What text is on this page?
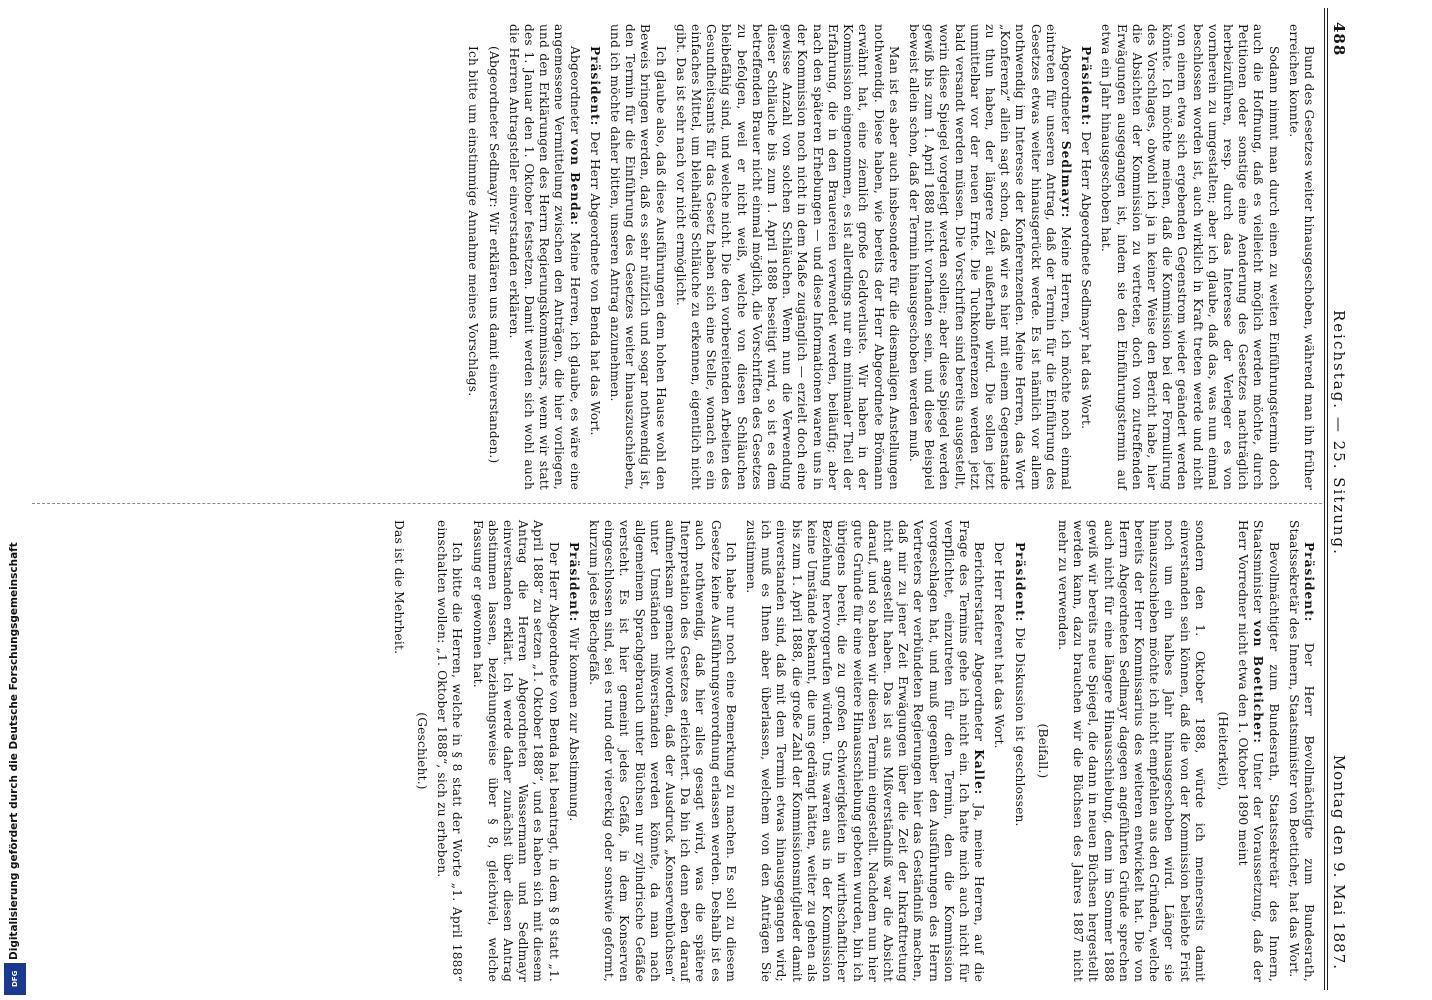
488
Reichstag. — 25. Sitzung.
Montag den 9. Mai 1887.

Bund des Gesetzes weiter hinausgeschoben, während man ihn früher erreichen konnte.

Sodann nimmt man durch einen zu weiten Einführungstermin doch auch die Hoffnung, daß es vielleicht möglich werden möchte, durch Petitionen oder sonstige eine Aenderung des Gesetzes nachträglich herbeizuführen, resp. durch das Interesse der Verleger es von vornherein zu umgestalten; aber ich glaube, daß das, was nun einmal beschlossen worden ist, auch wirklich in Kraft treten werde und nicht von einem etwa sich ergebenden Gegenstrom wieder geändert werden könnte. Ich möchte meinen, daß die Kommission bei der Formulirung des Vorschlages, obwohl ich ja in keiner Weise den Bericht habe, hier die Absichten der Kommission zu vertreten, doch von zutreffenden Erwägungen ausgegangen ist, indem sie den Einführungstermin auf etwa ein Jahr hinausgeschoben hat.

Präsident: Der Herr Abgeordnete Sedlmayr hat das Wort.

Abgeordneter Sedlmayr: Meine Herren, ich möchte noch einmal eintreten für unseren Antrag, daß der Termin für die Einführung des Gesetzes etwas weiter hinausgerückt werde. Es ist nämlich vor allem nothwendig im Interesse der Konferenzenden. Meine Herren, das Wort „Konferenz“ allein sagt schon, daß wir es hier mit einem Gegenstande zu thun haben, der längere Zeit außerhalb wird. Die sollen jetzt unmittelbar vor der neuen Ernte. Die Tuchkonferenzen werden jetzt bald versandt werden müssen. Die Vorschriften sind bereits ausgestellt, worin diese Spiegel vorgelegt werden sollen; aber diese Spiegel werden gewiß bis zum 1. April 1888 nicht vorhanden sein, und diese Beispiel beweist allein schon, daß der Termin hinausgeschoben werden muß.

Man ist es aber auch insbesondere für die diesmaligen Anstellungen nothwendig. Diese haben, wie bereits der Herr Abgeordnete Brömann erwähnt hat, eine ziemlich große Geldverluste. Wir haben in der Kommission eingenommen, es ist allerdings nur ein minimaler Theil der Erfahrung, die in den Brauereien verwendet werden, beiläufig; aber nach den späteren Erhebungen — und diese Informationen waren uns in der Kommission noch nicht in dem Maße zugänglich — erzielt doch eine gewisse Anzahl von solchen Schläuchen. Wenn nun die Verwendung dieser Schläuche bis zum 1. April 1888 beseitigt wird, so ist es dem betreffenden Brauer nicht einmal möglich, die Vorschriften des Gesetzes zu befolgen, weil er nicht weiß, welche von diesen Schläuchen bleibefähig sind, und welche nicht. Die den vorbereitenden Arbeiten des Gesundheitsamts für das Gesetz haben sich eine Stelle, wonach es ein einfaches Mittel, um bleihaltige Schläuche zu erkennen, eigentlich nicht gibt. Das ist sehr nach vor nicht ermöglicht.

Ich glaube also, daß diese Ausführungen dem hohen Hause wohl den Beweis bringen werden, daß es sehr nützlich und sogar nothwendig ist, den Termin für die Einführung des Gesetzes weiter hinauszuschieben, und ich möchte daher bitten, unseren Antrag anzunehmen.

Präsident: Der Herr Abgeordnete von Benda hat das Wort.

Abgeordneter von Benda: Meine Herren, ich glaube, es wäre eine angemessene Vermittelung zwischen den Anträgen, die hier vorliegen, und den Erklärungen des Herrn Regierungskommissars, wenn wir statt des 1. Januar den 1. Oktober festsetzen. Damit werden sich wohl auch die Herren Antragsteller einverstanden erklären.

(Abgeordneter Sedlmayr: Wir erklären uns damit einverstanden.)

Ich bitte um einstimmige Annahme meines Vorschlags.

Präsident: Der Herr Bevollmächtigte zum Bundesrath, Staatssekretär des Innern, Staatsminister von Boetticher, hat das Wort.

Bevollmächtigter zum Bundesrath, Staatssekretär des Innern, Staatsminister von Boetticher: Unter der Voraussetzung, daß der Herr Vorredner nicht etwa den 1. Oktober 1890 meint

(Heiterkeit),

sondern den 1. Oktober 1888, würde ich meinerseits damit einverstanden sein können, daß die von der Kommission beliebte Frist noch um ein halbes Jahr hinausgeschoben wird. Länger sie hinauszuschieben möchte ich nicht empfehlen aus den Gründen, welche bereits der Herr Kommissarius des weiteren entwickelt hat. Die von Herrn Abgeordneten Sedlmayr dagegen angeführten Gründe sprechen auch nicht für eine längere Hinausschiebung, denn im Sommer 1888 gewiß wir bereits neue Spiegel, die dann in neuen Büchsen hergestellt werden kann, dazu brauchen wir die Büchsen des Jahres 1887 nicht mehr zu verwenden.

(Beifall.)

Präsident: Die Diskussion ist geschlossen.

Der Herr Referent hat das Wort.

Berichterstatter Abgeordneter Kalle: Ja, meine Herren, auf die Frage des Termins gehe ich nicht ein. Ich hatte mich auch nicht für verpflichtet, einzutreten für den Termin, den die Kommission vorgeschlagen hat, und muß gegenüber den Ausführungen des Herrn Vertreters der verbündeten Regierungen hier das Geständniß machen, daß mir zu jener Zeit Erwägungen über die Zeit der Inkrafttretung nicht angestellt haben. Das ist aus Mißverständniß war die Absicht darauf, und so haben wir diesen Termin eingestellt. Nachdem nun hier gute Gründe für eine weitere Hinausschiebung geboten wurden, bin ich übrigens bereit, die zu großen Schwierigkeiten in wirthschaftlicher Beziehung hervorgerufen würden. Uns waren aus in der Kommission keine Umstände bekannt, die uns gedrängt hätten, weiter zu gehen als bis zum 1. April 1888, die große Zahl der Kommissionsmitglieder damit einverstanden sind, daß mit dem Termin etwas hinausgegangen wird; ich muß es Ihnen aber überlassen, welchem von den Anträgen Sie zustimmen.

Ich habe nur noch eine Bemerkung zu machen. Es soll zu diesem Gesetze keine Ausführungsverordnung erlassen werden. Deshalb ist es auch nothwendig, daß hier alles gesagt wird, was die spätere Interpretation des Gesetzes erleichtert. Da bin ich denn eben darauf aufmerksam gemacht worden, daß der Ausdruck „Konservenbüchsen“ unter Umständen mißverstanden werden könnte, da man nach allgemeinem Sprachgebrauch unter Büchsen nur zylindrische Gefäße versteht. Es ist hier gemeint jedes Gefäß, in dem Konserven eingeschlossen sind, sei es rund oder viereckig oder sonstwie geformt, kurzum jedes Blechgefäß.

Präsident: Wir kommen zur Abstimmung.

Der Herr Abgeordnete von Benda hat beantragt, in dem § 8 statt „1. April 1888“ zu setzen „1. Oktober 1888“, und es haben sich mit diesem Antrag die Herren Abgeordneten Wassermann und Sedlmayr einverstanden erklärt. Ich werde daher zunächst über diesen Antrag abstimmen lassen, beziehungsweise über § 8, gleichviel, welche Fassung er gewonnen hat.

Ich bitte die Herren, welche in § 8 statt der Worte „1. April 1888“ einschalten wollen: „1. Oktober 1888“, sich zu erheben.

(Geschieht.)

Das ist die Mehrheit.

Digitalisierung gefördert durch die Deutsche Forschungsgemeinschaft
DFG
